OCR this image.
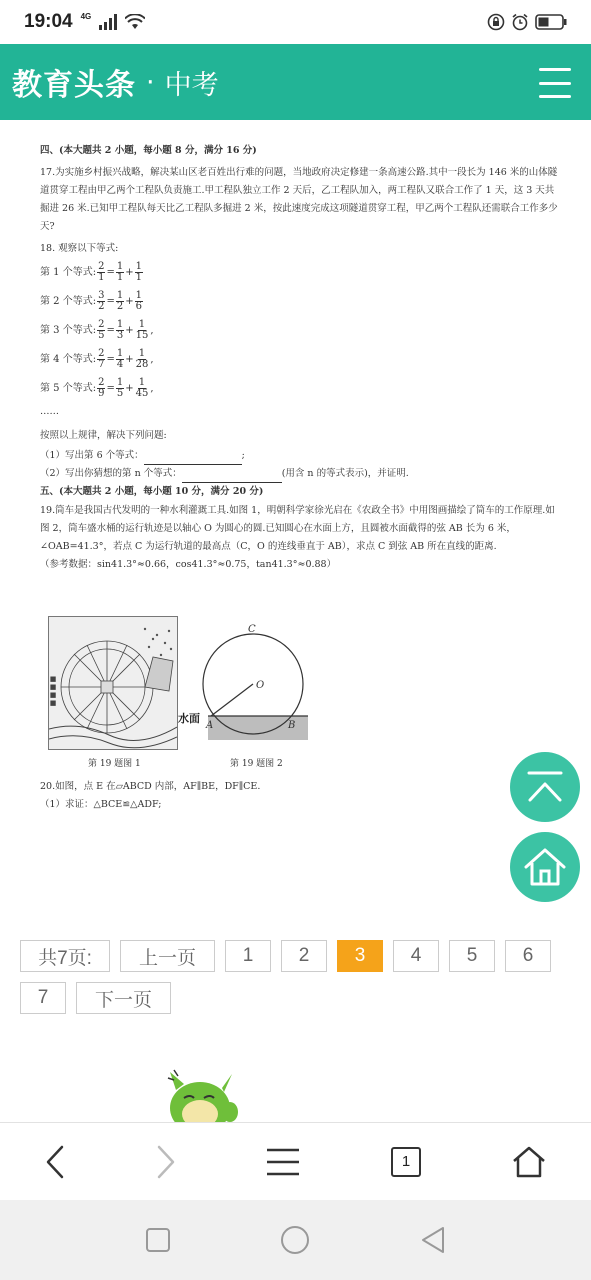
19:04 4G
教育头条 · 中考

四、(本大题共 2 小题，每小题 8 分，满分 16 分)

17.为实施乡村振兴战略，解决某山区老百姓出行难的问题，当地政府决定修建一条高速公路.其中一段长为 146 米的山体隧道贯穿工程由甲乙两个工程队负责施工.甲工程队独立工作 2 天后，乙工程队加入，两工程队又联合工作了 1 天，这 3 天共掘进 26 米.已知甲工程队每天比乙工程队多掘进 2 米，按此速度完成这项隧道贯穿工程，甲乙两个工程队还需联合工作多少天?

18. 观察以下等式:

第 1 个等式: $\frac{2}{1} = \frac{1}{1} + \frac{1}{1}$
第 2 个等式: $\frac{3}{2} = \frac{1}{2} + \frac{1}{6}$
第 3 个等式: $\frac{2}{5} = \frac{1}{3} + \frac{1}{15}$ ,
第 4 个等式: $\frac{2}{7} = \frac{1}{4} + \frac{1}{28}$ ,
第 5 个等式: $\frac{2}{9} = \frac{1}{5} + \frac{1}{45}$ ,

……

按照以上规律，解决下列问题:

（1）写出第 6 个等式：	;

（2）写出你猜想的第 n 个等式：	(用含 n 的等式表示)，并证明.

五、(本大题共 2 小题，每小题 10 分，满分 20 分)

19.筒车是我国古代发明的一种水利灌溉工具.如图 1，明朝科学家徐光启在《农政全书》中用图画描绘了筒车的工作原理.如图 2，筒车盛水桶的运行轨迹是以轴心 O 为圆心的圆.已知圆心在水面上方，且圆被水面截得的弦 AB 长为 6 米，∠OAB=41.3°，若点 C 为运行轨道的最高点（C，O 的连线垂直于 AB），求点 C 到弦 AB 所在直线的距离.

（参考数据：sin41.3°≈0.66，cos41.3°≈0.75，tan41.3°≈0.88）

■■■■
C
O
A	B
水面
第 19 题图 1	第 19 题图 2

20.如图，点 E 在▱ABCD 内部，AF∥BE，DF∥CE.

（1）求证：△BCE≌△ADF;

共7页:	上一页	1	2	3	4	5	6
7	下一页
1
